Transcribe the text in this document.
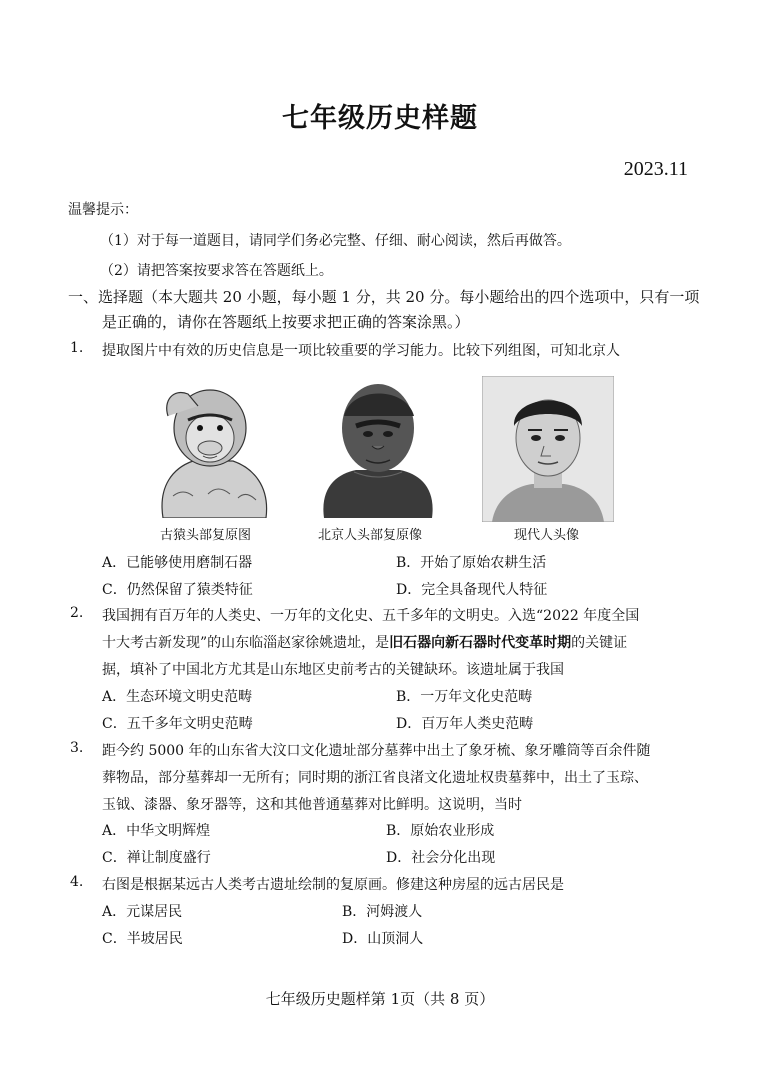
七年级历史样题
2023.11
温馨提示：
（1）对于每一道题目，请同学们务必完整、仔细、耐心阅读，然后再做答。
（2）请把答案按要求答在答题纸上。
一、选择题（本大题共 20 小题，每小题 1 分，共 20 分。每小题给出的四个选项中，只有一项
是正确的，请你在答题纸上按要求把正确的答案涂黑。）
1. 提取图片中有效的历史信息是一项比较重要的学习能力。比较下列组图，可知北京人
古猿头部复原图	北京人头部复原像	现代人头像
A．已能够使用磨制石器	B．开始了原始农耕生活
C．仍然保留了猿类特征	D．完全具备现代人特征
2. 我国拥有百万年的人类史、一万年的文化史、五千多年的文明史。入选“2022 年度全国
十大考古新发现”的山东临淄赵家徐姚遗址，是旧石器向新石器时代变革时期的关键证
据，填补了中国北方尤其是山东地区史前考古的关键缺环。该遗址属于我国
A．生态环境文明史范畴	B．一万年文化史范畴
C．五千多年文明史范畴	D．百万年人类史范畴
3. 距今约 5000 年的山东省大汶口文化遗址部分墓葬中出土了象牙梳、象牙雕筒等百余件随
葬物品，部分墓葬却一无所有；同时期的浙江省良渚文化遗址权贵墓葬中，出土了玉琮、
玉钺、漆器、象牙器等，这和其他普通墓葬对比鲜明。这说明，当时
A．中华文明辉煌	B．原始农业形成
C．禅让制度盛行	D．社会分化出现
4. 右图是根据某远古人类考古遗址绘制的复原画。修建这种房屋的远古居民是
A．元谋居民	B．河姆渡人
C．半坡居民	D．山顶洞人
七年级历史题样第 1页（共 8 页）
